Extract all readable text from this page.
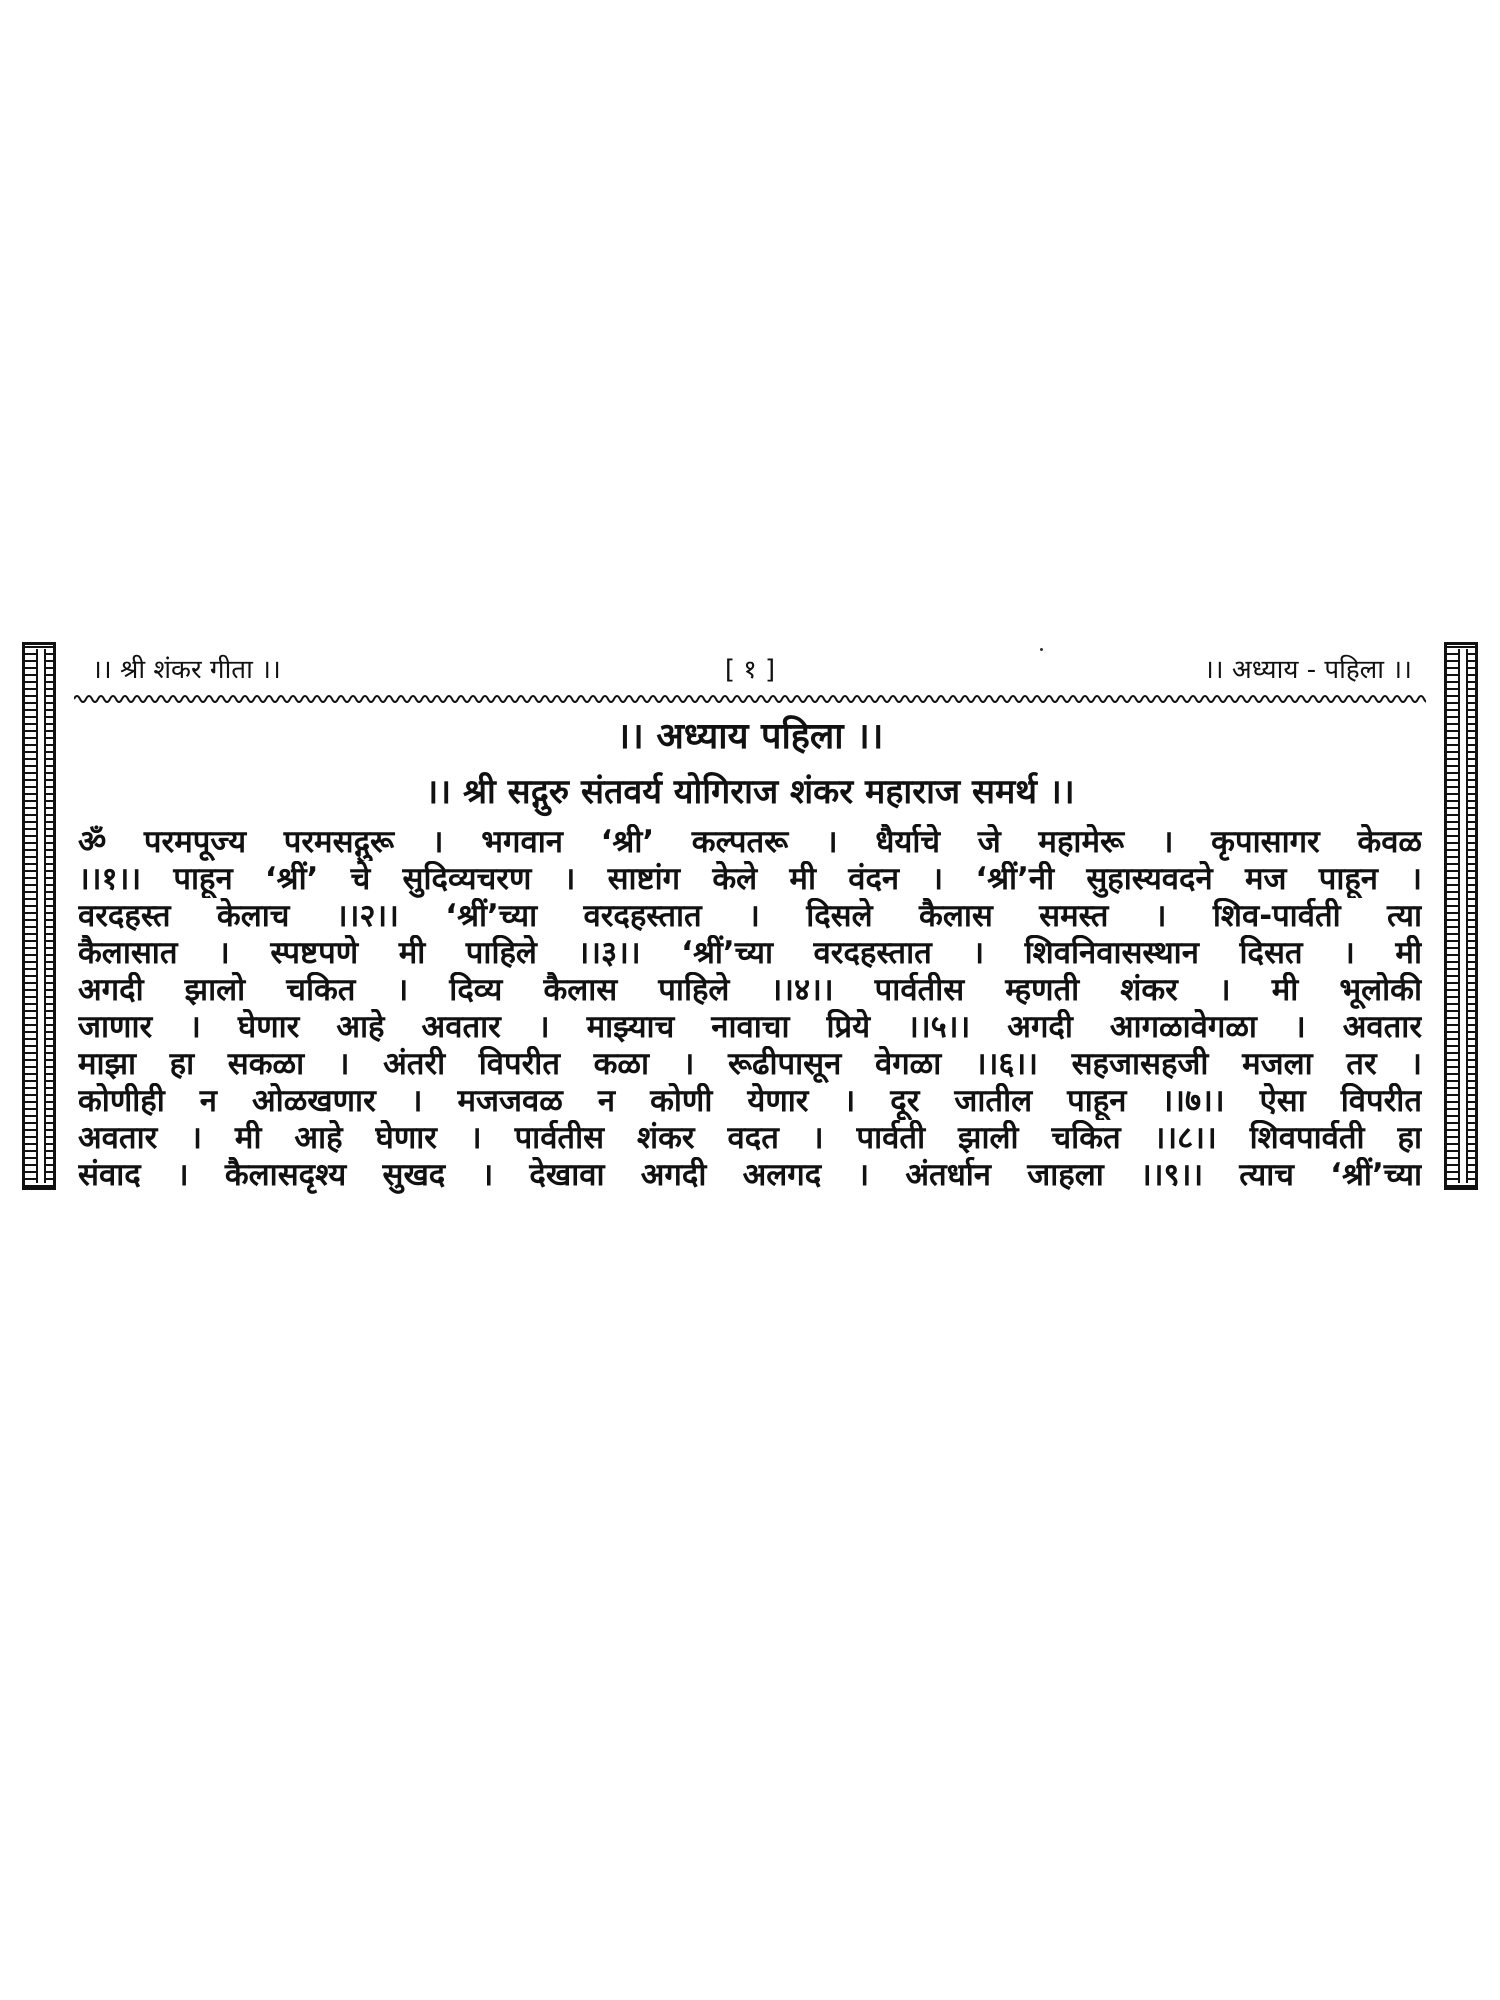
।। श्री शंकर गीता ।।	[ १ ]	।। अध्याय - पहिला ।।
।। अध्याय पहिला ।।
।। श्री सद्गुरु संतवर्य योगिराज शंकर महाराज समर्थ ।।
ॐ परमपूज्य परमसद्गुरू । भगवान ‘श्री’ कल्पतरू । धैर्याचे जे महामेरू । कृपासागर केवळ
।।१।। पाहून ‘श्रीं’ चे सुदिव्यचरण । साष्टांग केले मी वंदन । ‘श्रीं’नी सुहास्यवदने मज पाहून ।
वरदहस्त केलाच ।।२।। ‘श्रीं’च्या वरदहस्तात । दिसले कैलास समस्त । शिव-पार्वती त्या
कैलासात । स्पष्टपणे मी पाहिले ।।३।। ‘श्रीं’च्या वरदहस्तात । शिवनिवासस्थान दिसत । मी
अगदी झालो चकित । दिव्य कैलास पाहिले ।।४।। पार्वतीस म्हणती शंकर । मी भूलोकी
जाणार । घेणार आहे अवतार । माझ्याच नावाचा प्रिये ।।५।। अगदी आगळावेगळा । अवतार
माझा हा सकळा । अंतरी विपरीत कळा । रूढीपासून वेगळा ।।६।। सहजासहजी मजला तर ।
कोणीही न ओळखणार । मजजवळ न कोणी येणार । दूर जातील पाहून ।।७।। ऐसा विपरीत
अवतार । मी आहे घेणार । पार्वतीस शंकर वदत । पार्वती झाली चकित ।।८।। शिवपार्वती हा
संवाद । कैलासदृश्य सुखद । देखावा अगदी अलगद । अंतर्धान जाहला ।।९।। त्याच ‘श्रीं’च्या
